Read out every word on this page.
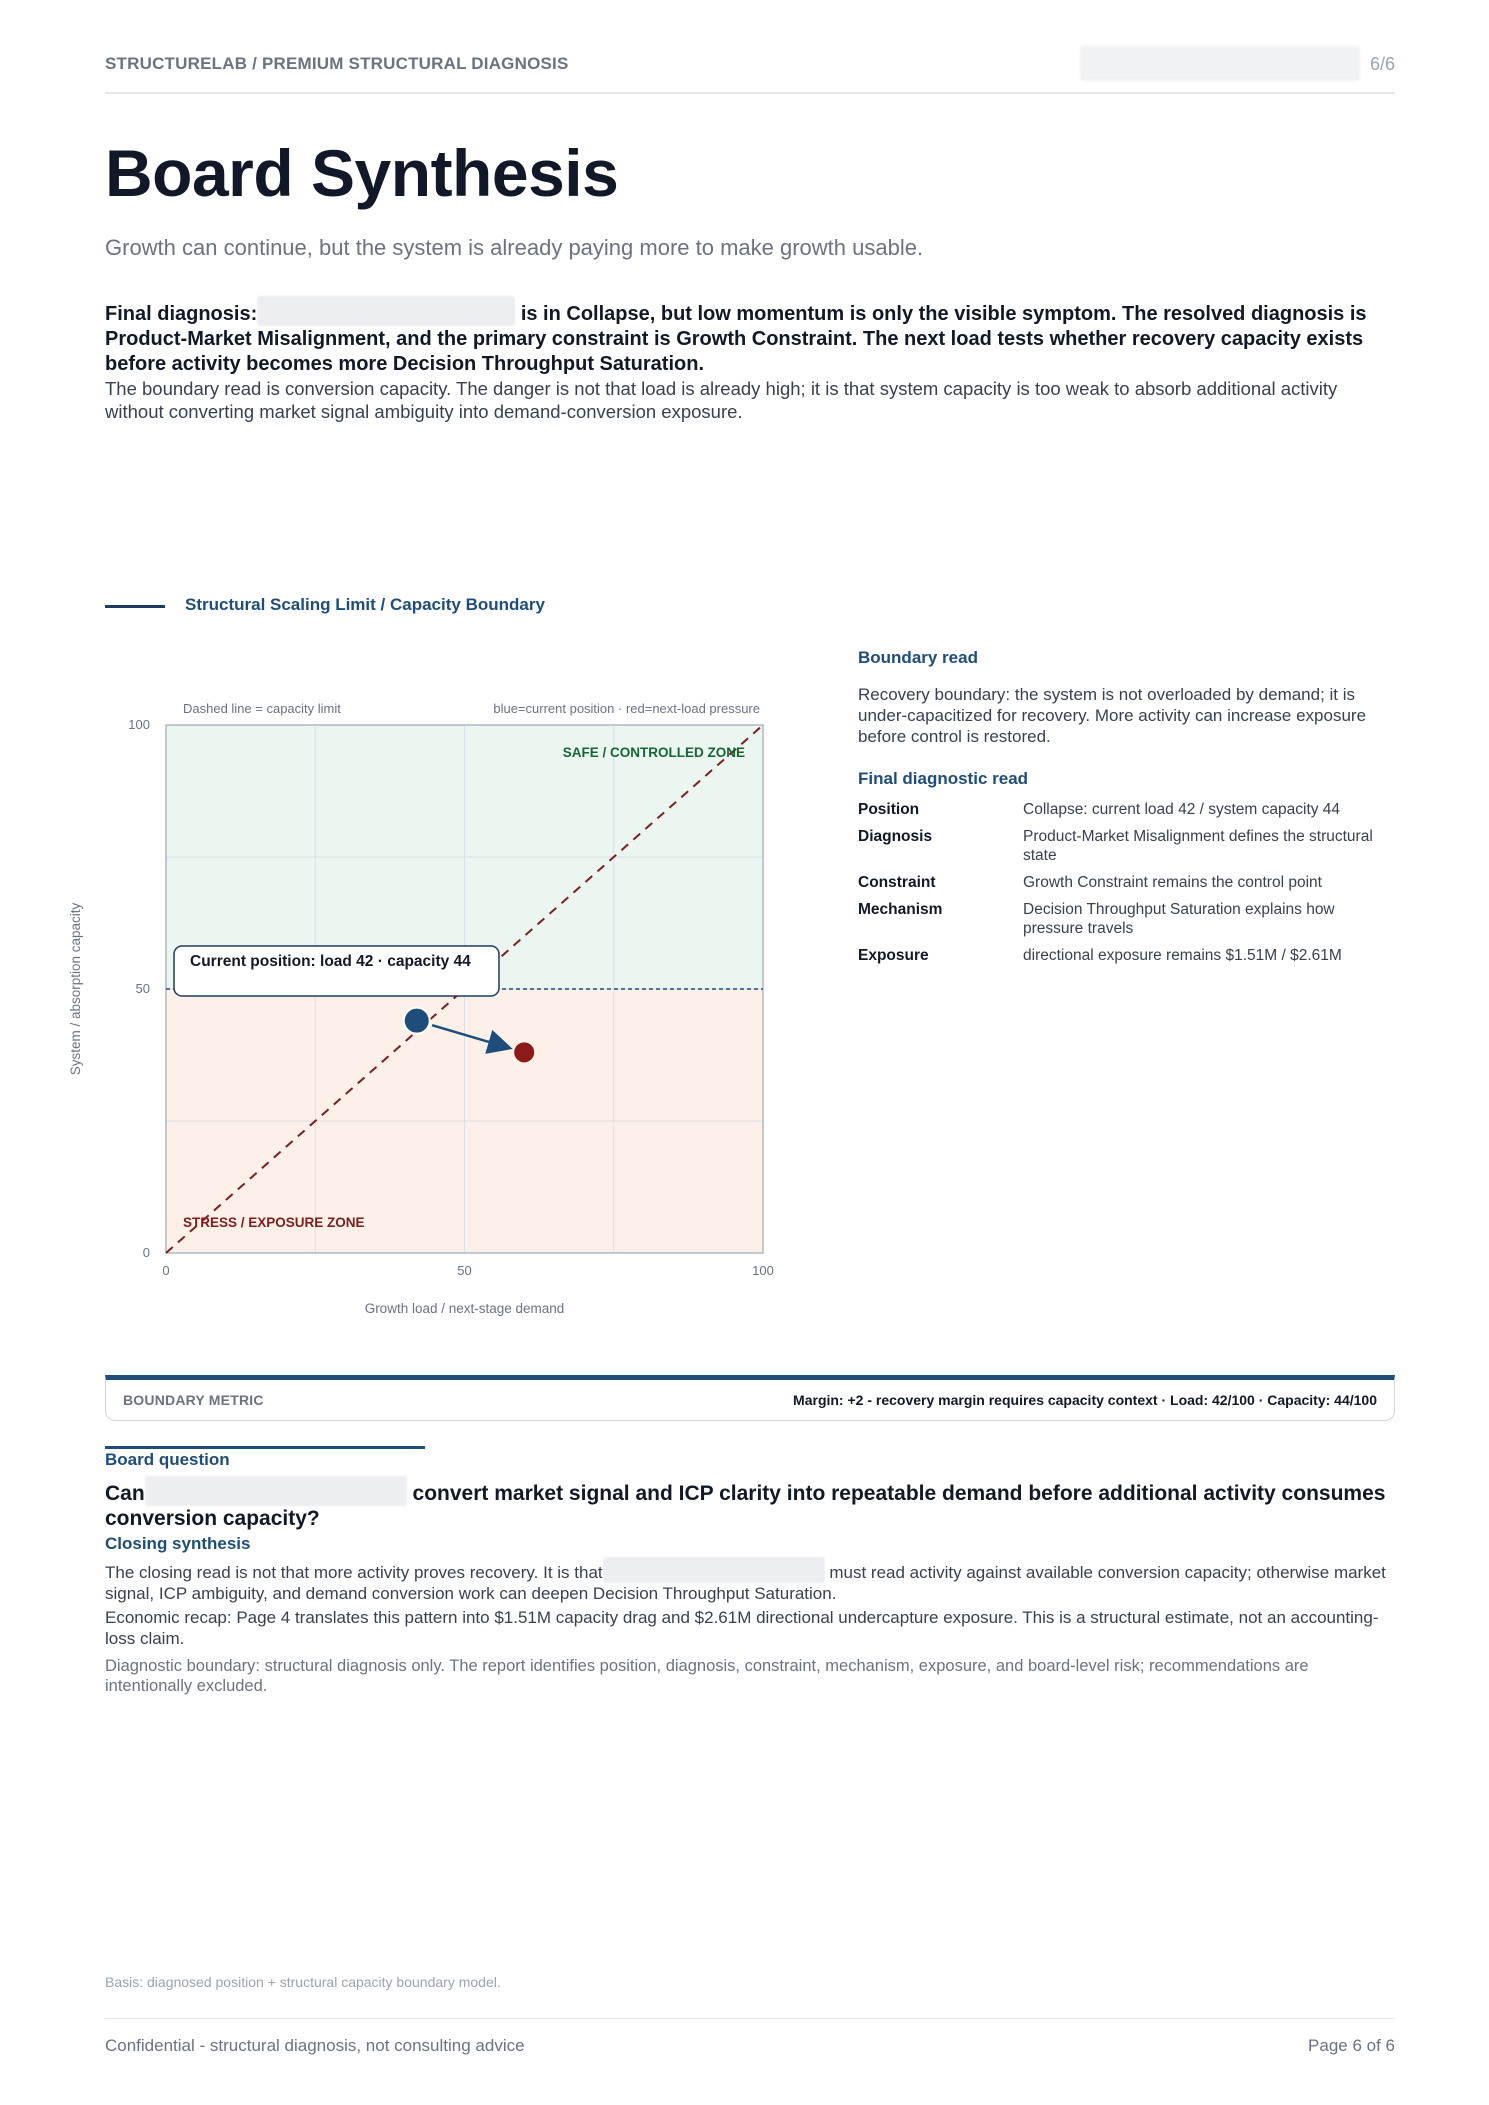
STRUCTURELAB / PREMIUM STRUCTURAL DIAGNOSIS	6/6
Board Synthesis
Growth can continue, but the system is already paying more to make growth usable.
Final diagnosis:	is in Collapse, but low momentum is only the visible symptom. The resolved diagnosis is Product-Market Misalignment, and the primary constraint is Growth Constraint. The next load tests whether recovery capacity exists before activity becomes more Decision Throughput Saturation.
The boundary read is conversion capacity. The danger is not that load is already high; it is that system capacity is too weak to absorb additional activity without converting market signal ambiguity into demand-conversion exposure.
Structural Scaling Limit / Capacity Boundary
Dashed line = capacity limit	blue=current position · red=next-load pressure
SAFE / CONTROLLED ZONE
STRESS / EXPOSURE ZONE
0
0
50
50
100
100
Growth load / next-stage demand
System / absorption capacity	Current position: load 42 · capacity 44
Boundary read
Recovery boundary: the system is not overloaded by demand; it is under-capacitized for recovery. More activity can increase exposure before control is restored.
Final diagnostic read
Position	Collapse: current load 42 / system capacity 44
Diagnosis	Product-Market Misalignment defines the structural state
Constraint	Growth Constraint remains the control point
Mechanism	Decision Throughput Saturation explains how pressure travels
Exposure	directional exposure remains $1.51M / $2.61M
BOUNDARY METRIC	Margin: +2 - recovery margin requires capacity context · Load: 42/100 · Capacity: 44/100
Board question
Can	convert market signal and ICP clarity into repeatable demand before additional activity consumes conversion capacity?
Closing synthesis
The closing read is not that more activity proves recovery. It is that	must read activity against available conversion capacity; otherwise market signal, ICP ambiguity, and demand conversion work can deepen Decision Throughput Saturation.
Economic recap: Page 4 translates this pattern into $1.51M capacity drag and $2.61M directional undercapture exposure. This is a structural estimate, not an accounting-loss claim.
Diagnostic boundary: structural diagnosis only. The report identifies position, diagnosis, constraint, mechanism, exposure, and board-level risk; recommendations are intentionally excluded.
Basis: diagnosed position + structural capacity boundary model.
Confidential - structural diagnosis, not consulting advice	Page 6 of 6
